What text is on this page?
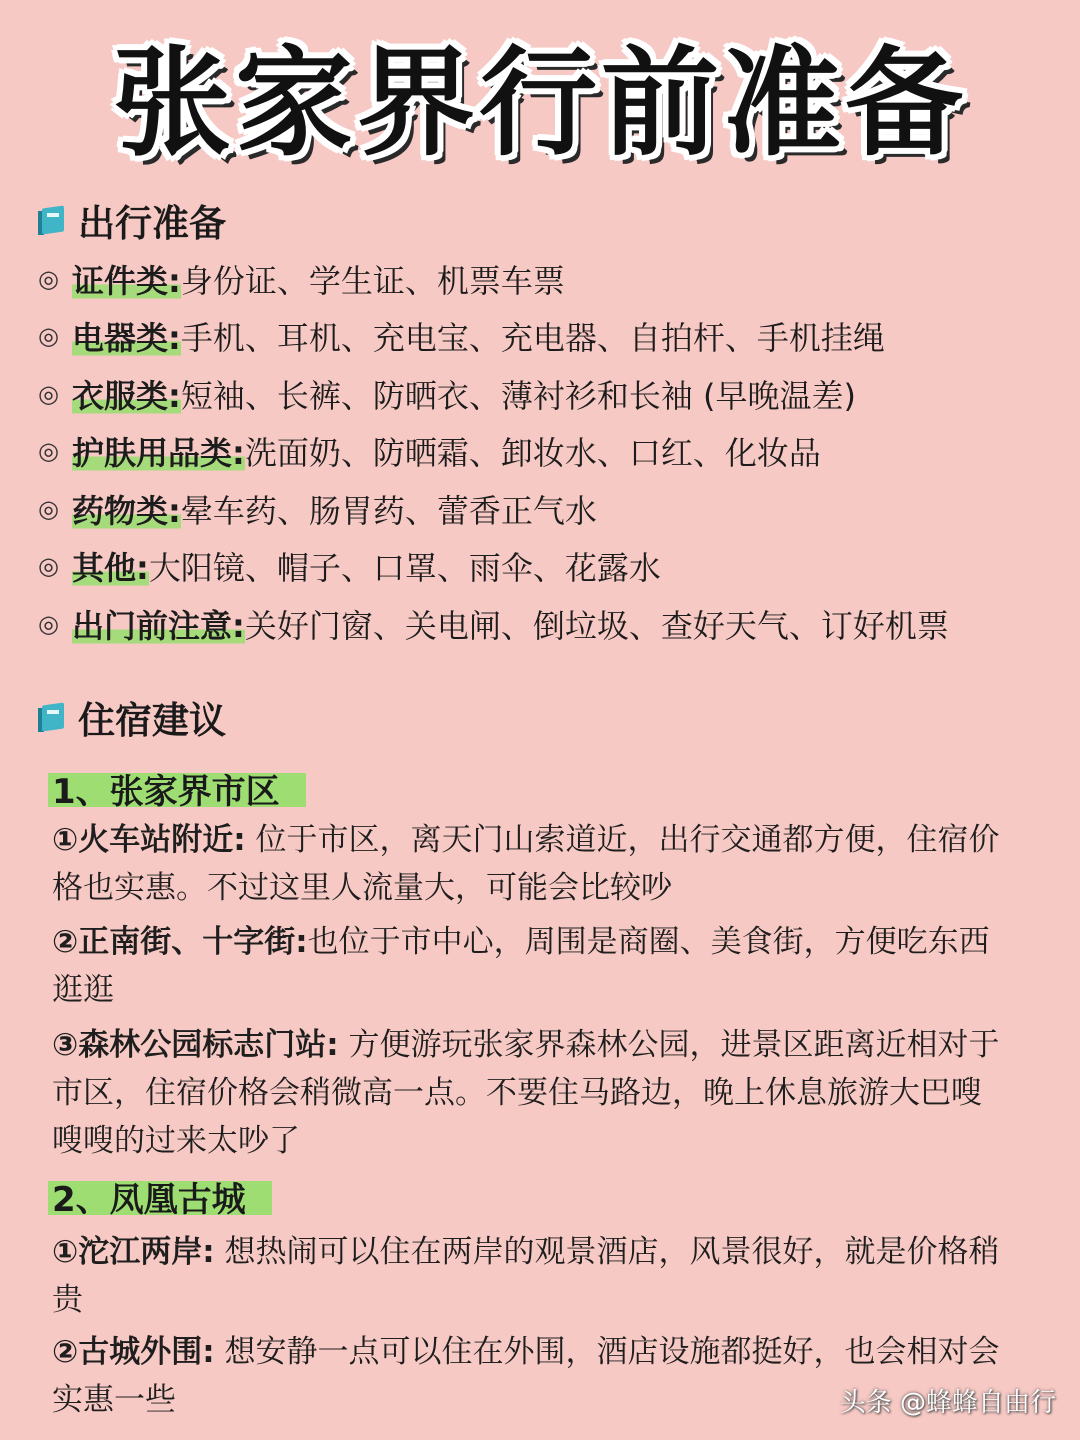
张家界行前准备
出行准备
◎ 证件类: 身份证、学生证、机票车票
◎ 电器类: 手机、耳机、充电宝、充电器、自拍杆、手机挂绳
◎ 衣服类: 短袖、长裤、防晒衣、薄衬衫和长袖 (早晚温差)
◎ 护肤用品类: 洗面奶、防晒霜、卸妆水、口红、化妆品
◎ 药物类: 晕车药、肠胃药、蕾香正气水
◎ 其他: 大阳镜、帽子、口罩、雨伞、花露水
◎ 出门前注意: 关好门窗、关电闸、倒垃圾、查好天气、订好机票
住宿建议
1、张家界市区
①火车站附近: 位于市区，离天门山索道近，出行交通都方便，住宿价格也实惠。不过这里人流量大，可能会比较吵
②正南街、十字街:也位于市中心，周围是商圈、美食街，方便吃东西逛逛
③森林公园标志门站: 方便游玩张家界森林公园，进景区距离近相对于市区，住宿价格会稍微高一点。不要住马路边，晚上休息旅游大巴嗖嗖嗖的过来太吵了
2、凤凰古城
①沱江两岸: 想热闹可以住在两岸的观景酒店，风景很好，就是价格稍贵
②古城外围: 想安静一点可以住在外围，酒店设施都挺好，也会相对会实惠一些	头条 @蜂蜂自由行
